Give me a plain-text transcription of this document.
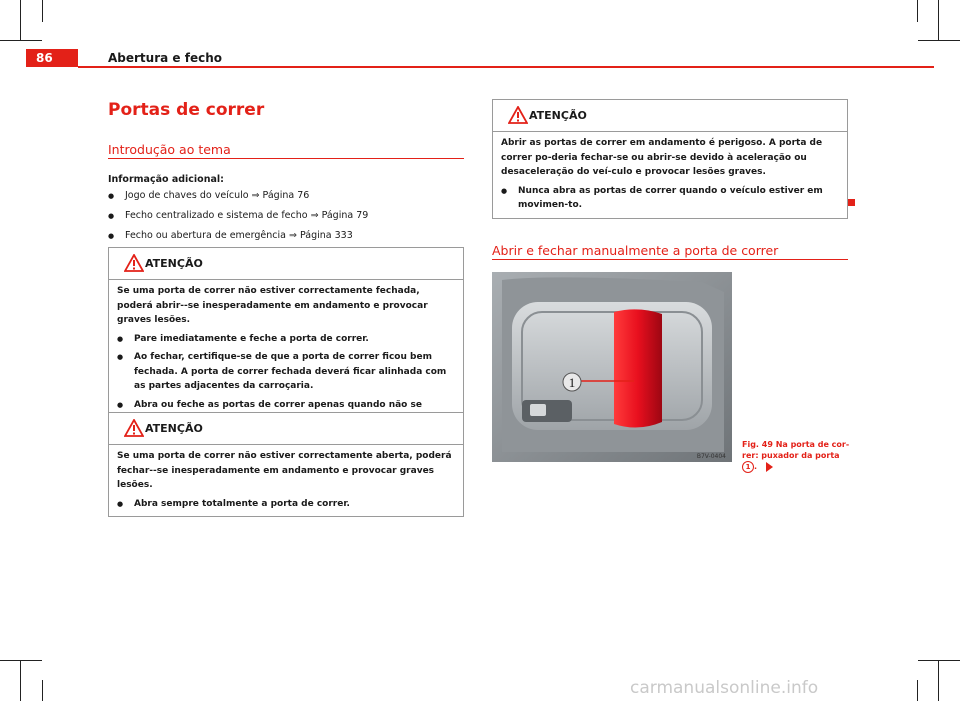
86	Abertura e fecho
Portas de correr
Introdução ao tema
Informação adicional:
● Jogo de chaves do veículo ⇒ Página 76
● Fecho centralizado e sistema de fecho ⇒ Página 79
● Fecho ou abertura de emergência ⇒ Página 333
ATENÇÃO

Se uma porta de correr não estiver correctamente fechada, poderá abrir--se inesperadamente em andamento e provocar graves lesões.

● Pare imediatamente e feche a porta de correr.

● Ao fechar, certifique-se de que a porta de correr ficou bem fechada. A porta de correr fechada deverá ficar alinhada com as partes adjacentes da carroçaria.

● Abra ou feche as portas de correr apenas quando não se

ATENÇÃO

Se uma porta de correr não estiver correctamente aberta, poderá fechar--se inesperadamente em andamento e provocar graves lesões.

● Abra sempre totalmente a porta de correr.

ATENÇÃO

Abrir as portas de correr em andamento é perigoso. A porta de correr po-deria fechar-se ou abrir-se devido à aceleração ou desaceleração do veí-culo e provocar lesões graves.

● Nunca abra as portas de correr quando o veículo estiver em movimen-to.

Abrir e fechar manualmente a porta de correr
1
B7V-0404
Fig. 49 Na porta de cor-rer: puxador da porta 1 .
carmanualsonline.info
